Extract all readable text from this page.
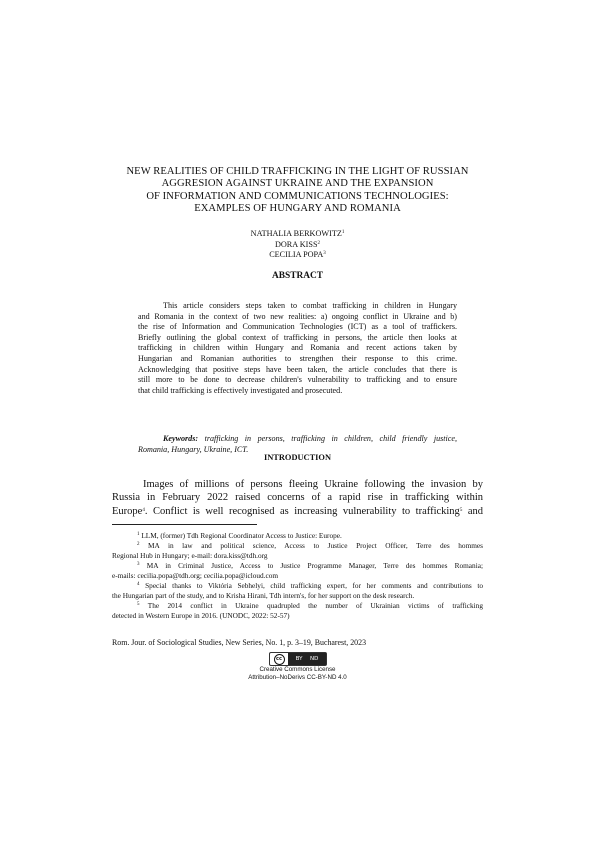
NEW REALITIES OF CHILD TRAFFICKING IN THE LIGHT OF RUSSIAN
AGGRESION AGAINST UKRAINE AND THE EXPANSION
OF INFORMATION AND COMMUNICATIONS TECHNOLOGIES:
EXAMPLES OF HUNGARY AND ROMANIA
NATHALIA BERKOWITZ$^1$
DORA KISS$^2$
CECILIA POPA$^3$
ABSTRACT
This article considers steps taken to combat trafficking in children in Hungary
and Romania in the context of two new realities: a) ongoing conflict in Ukraine and b)
the rise of Information and Communication Technologies (ICT) as a tool of traffickers.
Briefly outlining the global context of trafficking in persons, the article then looks at
trafficking in children within Hungary and Romania and recent actions taken by
Hungarian and Romanian authorities to strengthen their response to this crime.
Acknowledging that positive steps have been taken, the article concludes that there is
still more to be done to decrease children's vulnerability to trafficking and to ensure
that child trafficking is effectively investigated and prosecuted.
Keywords: trafficking in persons, trafficking in children, child friendly justice,
Romania, Hungary, Ukraine, ICT.
INTRODUCTION
Images of millions of persons fleeing Ukraine following the invasion by
Russia in February 2022 raised concerns of a rapid rise in trafficking within
Europe$^4$. Conflict is well recognised as increasing vulnerability to trafficking$^5$ and
$^1$ LLM, (former) Tdh Regional Coordinator Access to Justice: Europe.
$^2$ MA in law and political science, Access to Justice Project Officer, Terre des hommes
Regional Hub in Hungary; e-mail: dora.kiss@tdh.org
$^3$ MA in Criminal Justice, Access to Justice Programme Manager, Terre des hommes Romania;
e-mails: cecilia.popa@tdh.org; cecilia.popa@icloud.com
$^4$ Special thanks to Viktória Sebhelyi, child trafficking expert, for her comments and contributions to
the Hungarian part of the study, and to Krisha Hirani, Tdh intern's, for her support on the desk research.
$^5$ The 2014 conflict in Ukraine quadrupled the number of Ukrainian victims of trafficking
detected in Western Europe in 2016. (UNODC, 2022: 52-57)
Rom. Jour. of Sociological Studies, New Series, No. 1, p. 3–19, Bucharest, 2023
cc	BY ND
Creative Commons License
Attribution–NoDerivs CC-BY-ND 4.0
